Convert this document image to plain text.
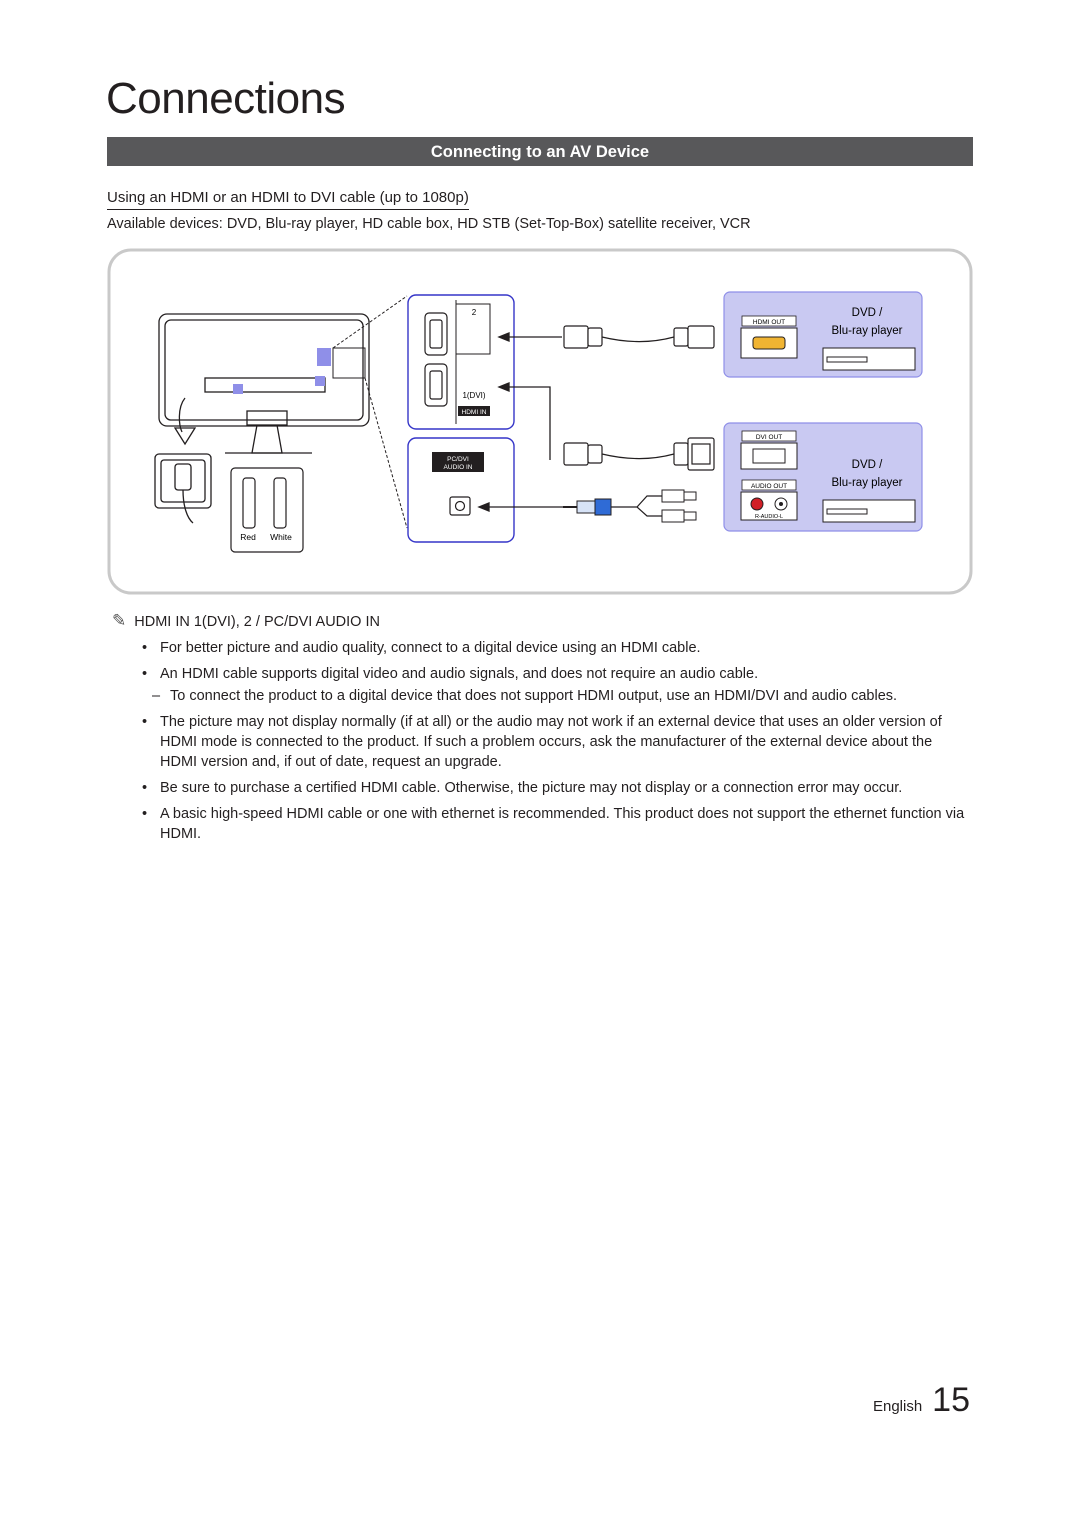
Connections
Connecting to an AV Device
Using an HDMI or an HDMI to DVI cable (up to 1080p)
Available devices: DVD, Blu-ray player, HD cable box, HD STB (Set-Top-Box) satellite receiver, VCR
Red White
2
1(DVI)
HDMI IN
PC/DVI
AUDIO IN
HDMI OUT
DVD /
Blu-ray player
DVI OUT
AUDIO OUT
R-AUDIO-L
DVD /
Blu-ray player
✎ HDMI IN 1(DVI), 2 / PC/DVI AUDIO IN
• For better picture and audio quality, connect to a digital device using an HDMI cable.
• An HDMI cable supports digital video and audio signals, and does not require an audio cable.
– To connect the product to a digital device that does not support HDMI output, use an HDMI/DVI and audio cables.
• The picture may not display normally (if at all) or the audio may not work if an external device that uses an older version of HDMI mode is connected to the product. If such a problem occurs, ask the manufacturer of the external device about the HDMI version and, if out of date, request an upgrade.
• Be sure to purchase a certified HDMI cable. Otherwise, the picture may not display or a connection error may occur.
• A basic high-speed HDMI cable or one with ethernet is recommended. This product does not support the ethernet function via HDMI.
English 15
